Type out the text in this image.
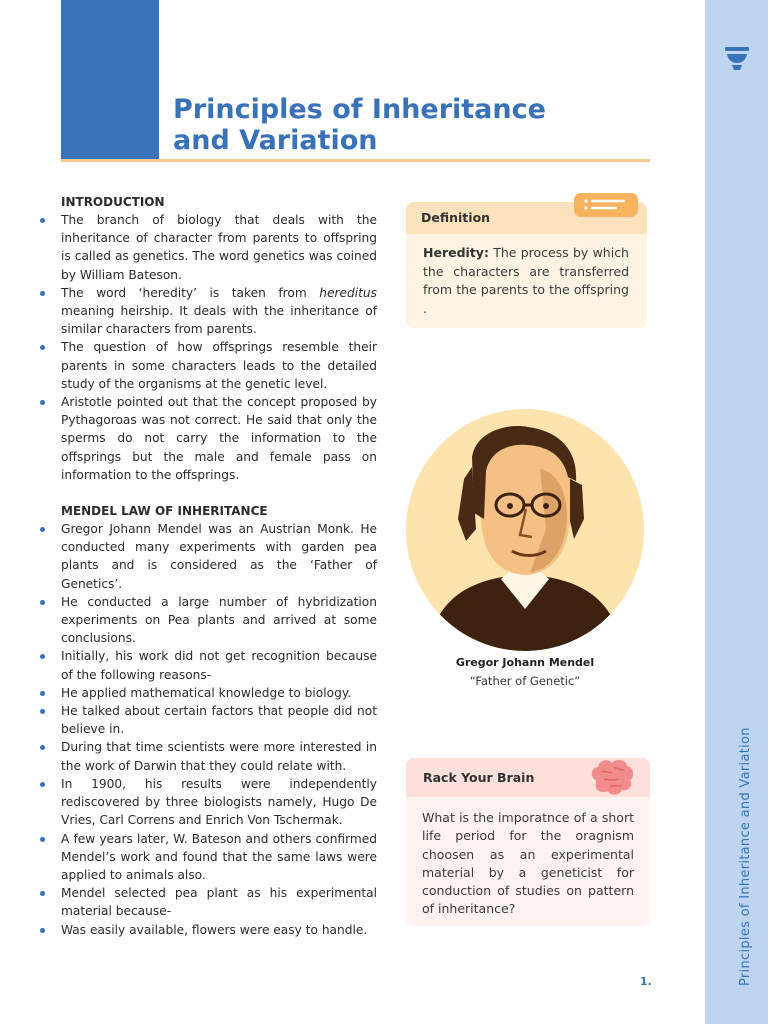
Principles of Inheritance
and Variation
Principles of Inheritance and Variation

INTRODUCTION

The branch of biology that deals with the inheritance of character from parents to offspring is called as genetics. The word genetics was coined by William Bateson.
The word ‘heredity’ is taken from hereditus meaning heirship. It deals with the inheritance of similar characters from parents.
The question of how offsprings resemble their parents in some characters leads to the detailed study of the organisms at the genetic level.
Aristotle pointed out that the concept proposed by Pythagoroas was not correct. He said that only the sperms do not carry the information to the offsprings but the male and female pass on information to the offsprings.

MENDEL LAW OF INHERITANCE

Gregor Johann Mendel was an Austrian Monk. He conducted many experiments with garden pea plants and is considered as the ‘Father of Genetics’.
He conducted a large number of hybridization experiments on Pea plants and arrived at some conclusions.
Initially, his work did not get recognition because of the following reasons-
He applied mathematical knowledge to biology.
He talked about certain factors that people did not believe in.
During that time scientists were more interested in the work of Darwin that they could relate with.
In 1900, his results were independently rediscovered by three biologists namely, Hugo De Vries, Carl Correns and Enrich Von Tschermak.
A few years later, W. Bateson and others confirmed Mendel’s work and found that the same laws were applied to animals also.
Mendel selected pea plant as his experimental material because-
Was easily available, flowers were easy to handle.
Definition
Heredity: The process by which the characters are transferred from the parents to the offspring .
Gregor Johann Mendel
“Father of Genetic”
Rack Your Brain
What is the imporatnce of a short life period for the oragnism choosen as an experimental material by a geneticist for conduction of studies on pattern of inheritance?
1.
